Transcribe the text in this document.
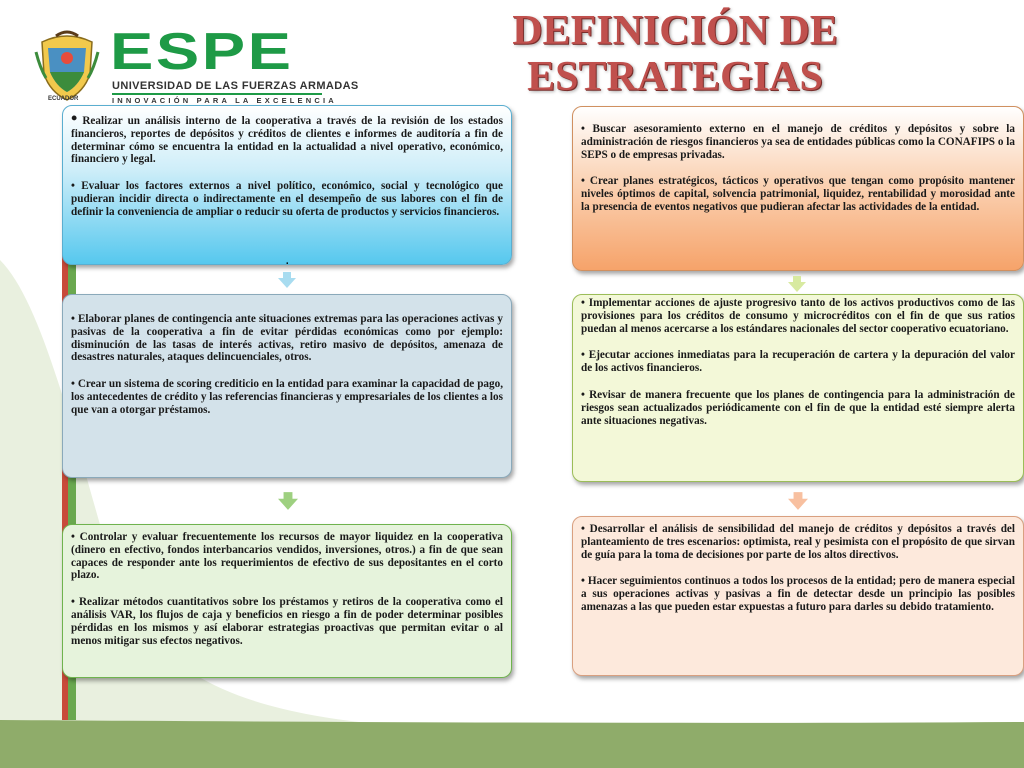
ECUADOR
ESPE
UNIVERSIDAD DE LAS FUERZAS ARMADAS
INNOVACIÓN PARA LA EXCELENCIA
DEFINICIÓN DE
ESTRATEGIAS

• Realizar un análisis interno de la cooperativa a través de la revisión de los estados financieros, reportes de depósitos y créditos de clientes e informes de auditoría a fin de determinar cómo se encuentra la entidad en la actualidad a nivel operativo, económico, financiero y legal.

• Evaluar los factores externos a nivel político, económico, social y tecnológico que pudieran incidir directa o indirectamente en el desempeño de sus labores con el fin de definir la conveniencia de ampliar o reducir su oferta de productos y servicios financieros.

.

• Elaborar planes de contingencia ante situaciones extremas para las operaciones activas y pasivas de la cooperativa a fin de evitar pérdidas económicas como por ejemplo: disminución de las tasas de interés activas, retiro masivo de depósitos, amenaza de desastres naturales, ataques delincuenciales, otros.

• Crear un sistema de scoring crediticio en la entidad para examinar la capacidad de pago, los antecedentes de crédito y las referencias financieras y empresariales de los clientes a los que van a otorgar préstamos.

• Controlar y evaluar frecuentemente los recursos de mayor liquidez en la cooperativa (dinero en efectivo, fondos interbancarios vendidos, inversiones, otros.) a fin de que sean capaces de responder ante los requerimientos de efectivo de sus depositantes en el corto plazo.

• Realizar métodos cuantitativos sobre los préstamos y retiros de la cooperativa como el análisis VAR, los flujos de caja y beneficios en riesgo a fin de poder determinar posibles pérdidas en los mismos y así elaborar estrategias proactivas que permitan evitar o al menos mitigar sus efectos negativos.

• Buscar asesoramiento externo en el manejo de créditos y depósitos y sobre la administración de riesgos financieros ya sea de entidades públicas como la CONAFIPS o la SEPS o de empresas privadas.

• Crear planes estratégicos, tácticos y operativos que tengan como propósito mantener niveles óptimos de capital, solvencia patrimonial, liquidez, rentabilidad y morosidad ante la presencia de eventos negativos que pudieran afectar las actividades de la entidad.

• Implementar acciones de ajuste progresivo tanto de los activos productivos como de las provisiones para los créditos de consumo y microcréditos con el fin de que sus ratios puedan al menos acercarse a los estándares nacionales del sector cooperativo ecuatoriano.

• Ejecutar acciones inmediatas para la recuperación de cartera y la depuración del valor de los activos financieros.

• Revisar de manera frecuente que los planes de contingencia para la administración de riesgos sean actualizados periódicamente con el fin de que la entidad esté siempre alerta ante situaciones negativas.

• Desarrollar el análisis de sensibilidad del manejo de créditos y depósitos a través del planteamiento de tres escenarios: optimista, real y pesimista con el propósito de que sirvan de guía para la toma de decisiones por parte de los altos directivos.

• Hacer seguimientos continuos a todos los procesos de la entidad; pero de manera especial a sus operaciones activas y pasivas a fin de detectar desde un principio las posibles amenazas a las que pueden estar expuestas a futuro para darles su debido tratamiento.
